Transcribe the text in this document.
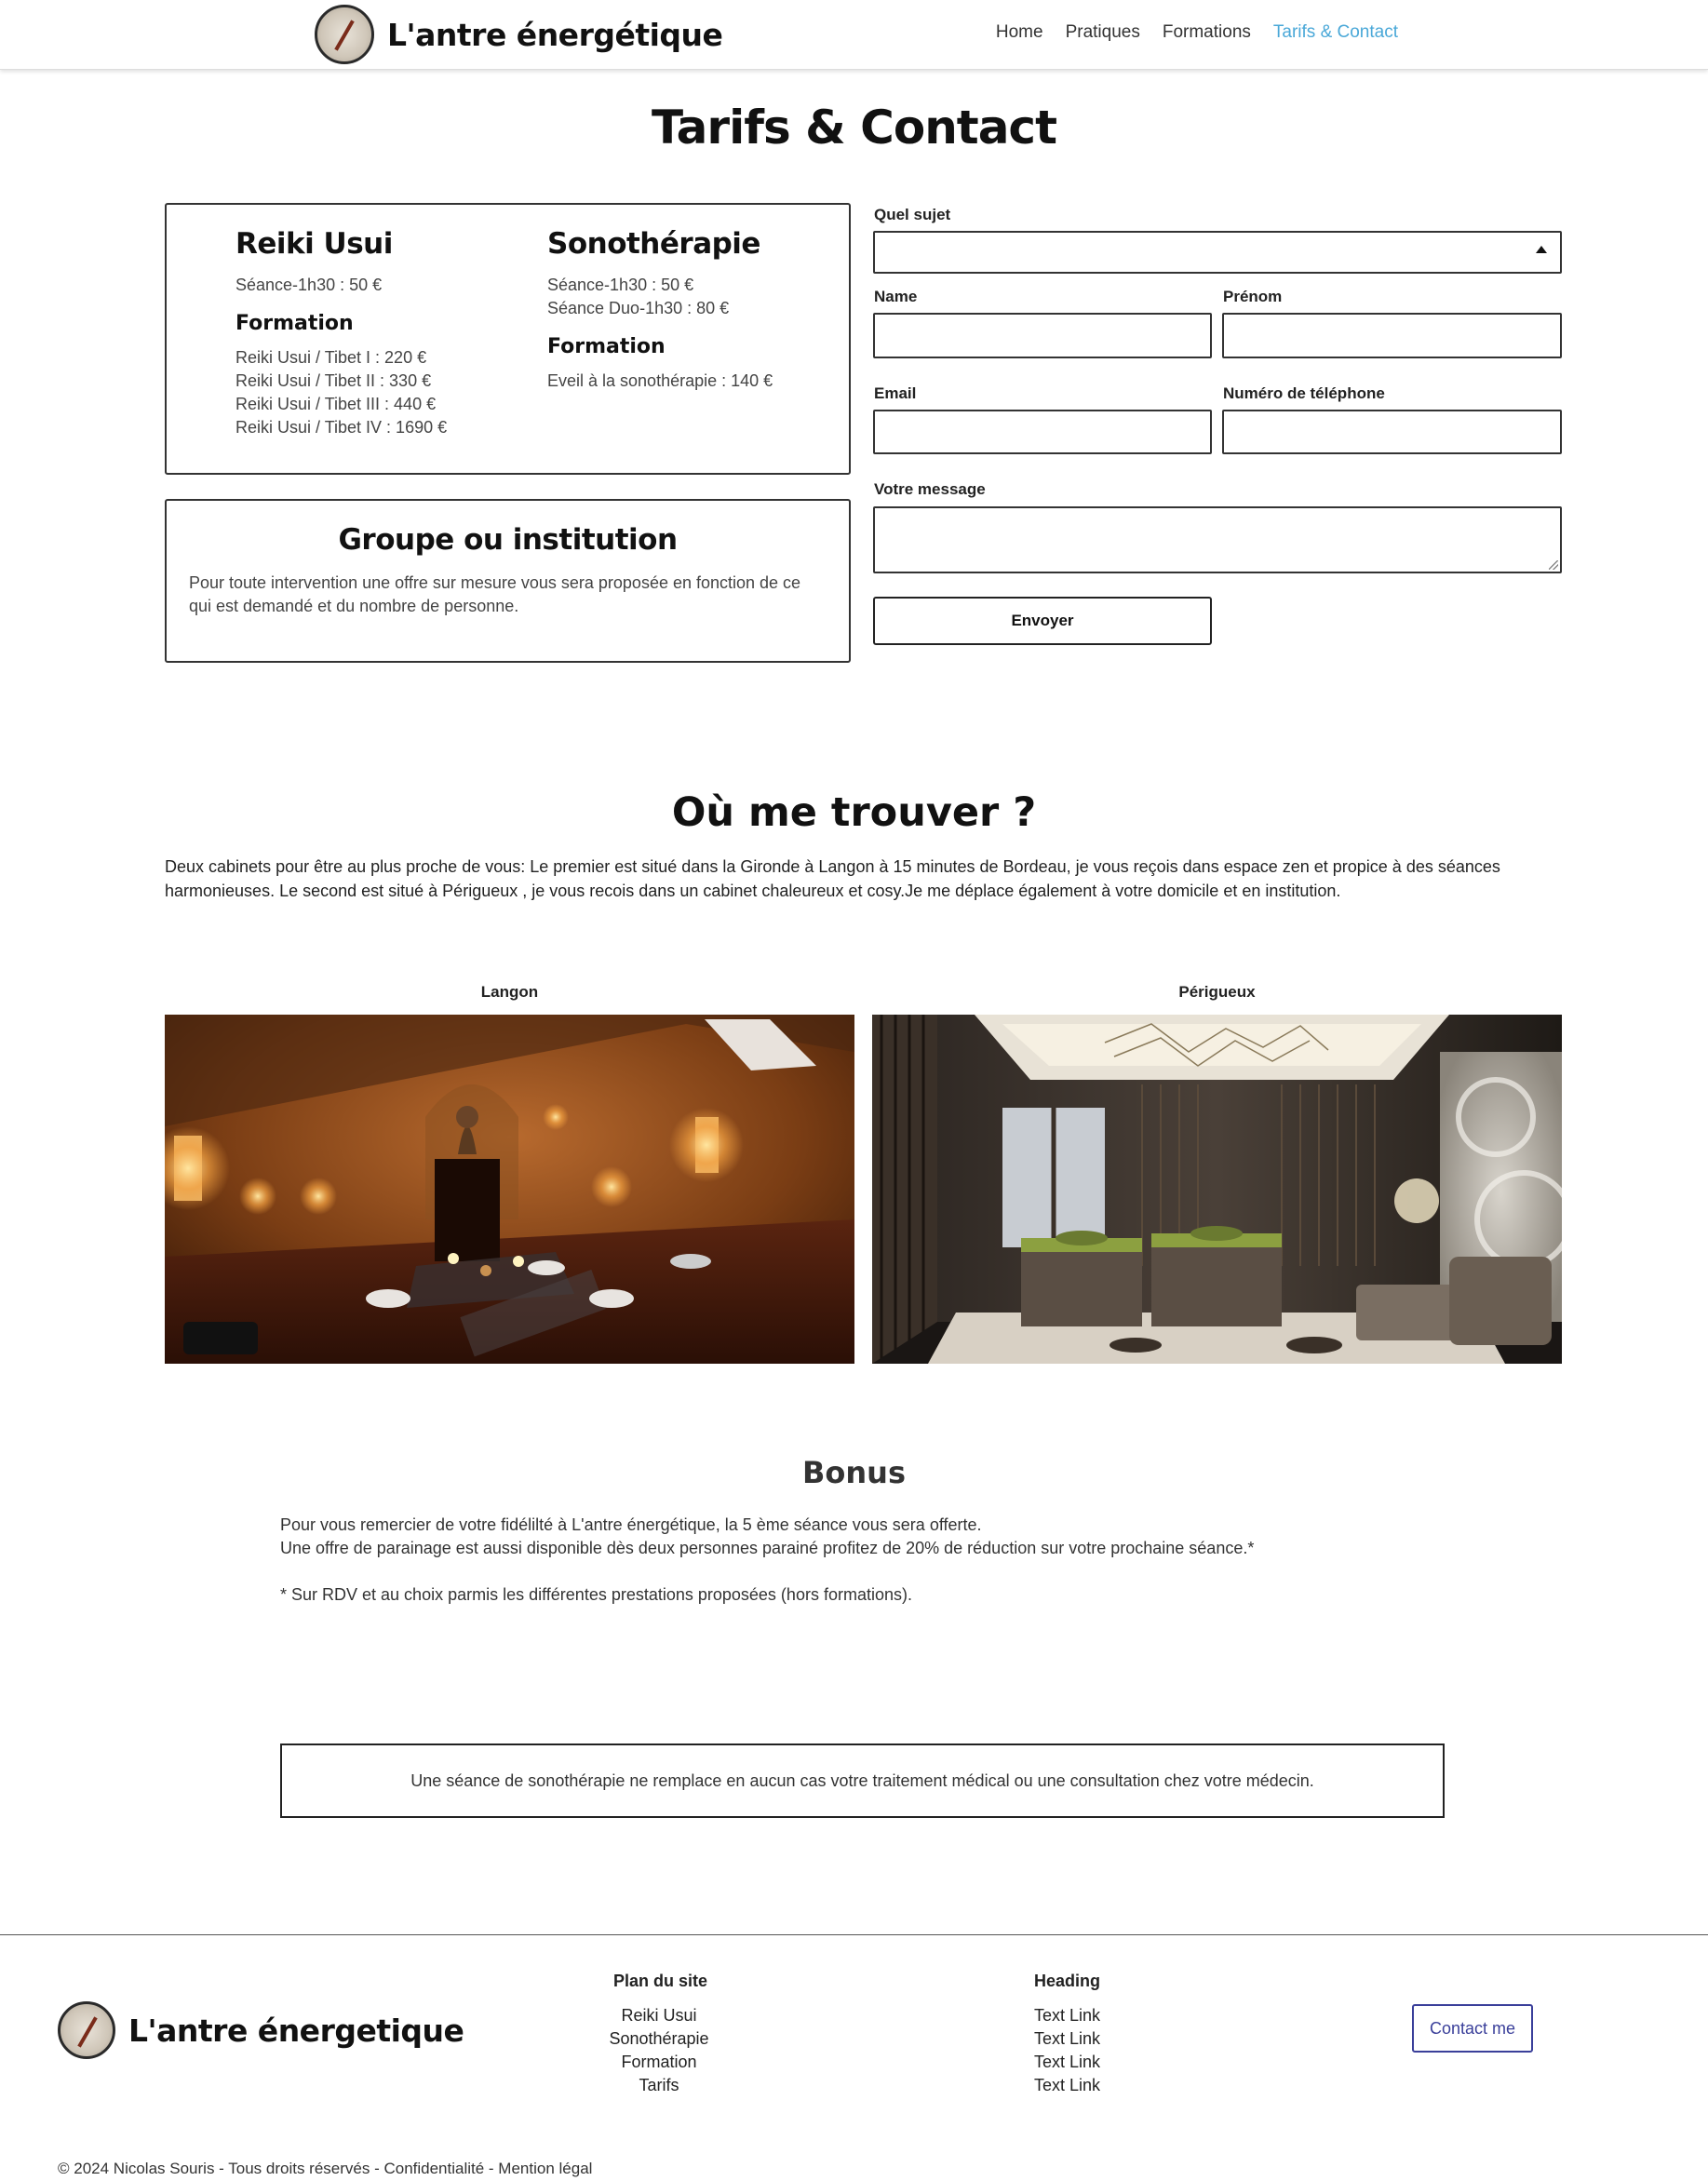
L'antre énergétique	Home Pratiques Formations Tarifs & Contact
Tarifs & Contact
Reiki Usui

Séance-1h30 : 50 €

Formation

Reiki Usui / Tibet I : 220 €

Reiki Usui / Tibet II : 330 €

Reiki Usui / Tibet III : 440 €

Reiki Usui / Tibet IV : 1690 €

Sonothérapie

Séance-1h30 : 50 €

Séance Duo-1h30 : 80 €

Formation

Eveil à la sonothérapie : 140 €

Groupe ou institution

Pour toute intervention une offre sur mesure vous sera proposée en fonction de ce qui est demandé et du nombre de personne.

Quel sujet
Name	Prénom
Email	Numéro de téléphone
Votre message
Envoyer
Où me trouver ?

Deux cabinets pour être au plus proche de vous: Le premier est situé dans la Gironde à Langon à 15 minutes de Bordeau, je vous reçois dans espace zen et propice à des séances harmonieuses. Le second est situé à Périgueux , je vous recois dans un cabinet chaleureux et cosy.Je me déplace également à votre domicile et en institution.

Langon	Périgueux
Bonus
Pour vous remercier de votre fidélilté à L'antre énergétique, la 5 ème séance vous sera offerte.
Une offre de parainage est aussi disponible dès deux personnes parainé profitez de 20% de réduction sur votre prochaine séance.*
* Sur RDV et au choix parmis les différentes prestations proposées (hors formations).
Une séance de sonothérapie ne remplace en aucun cas votre traitement médical ou une consultation chez votre médecin.
L'antre énergetique
Plan du site
Reiki Usui
Sonothérapie
Formation
Tarifs
Heading
Text Link
Text Link
Text Link
Text Link
Contact me
© 2024 Nicolas Souris - Tous droits réservés - Confidentialité - Mention légal
